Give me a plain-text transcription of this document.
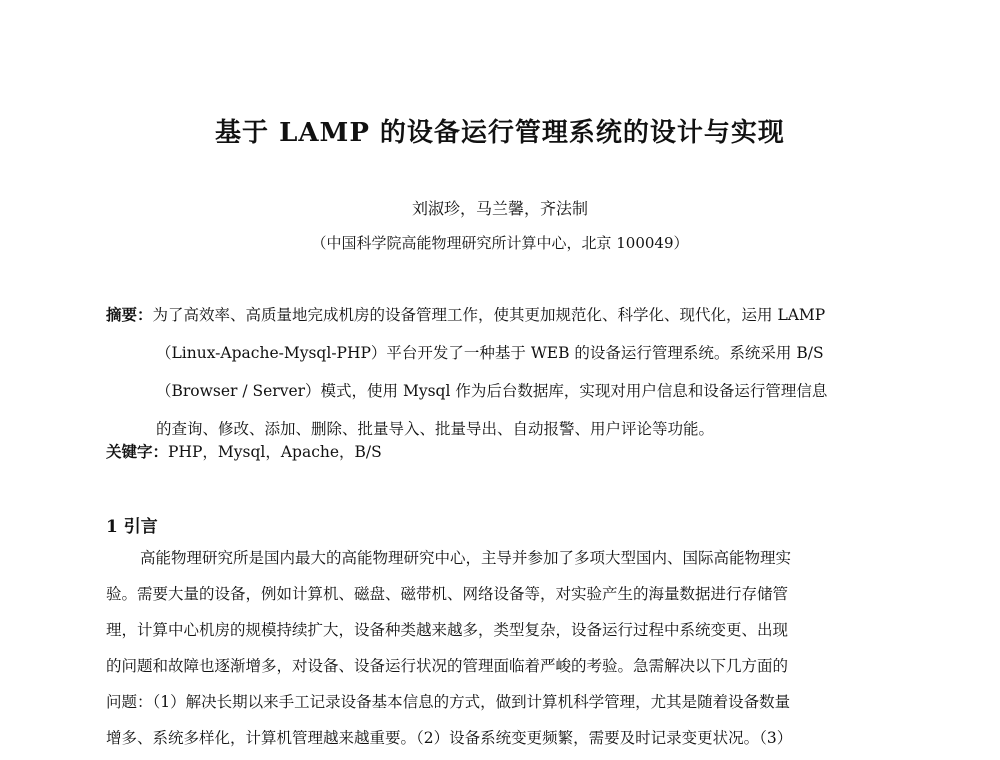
基于 LAMP 的设备运行管理系统的设计与实现
刘淑珍，马兰馨，齐法制
（中国科学院高能物理研究所计算中心，北京 100049）
摘要：为了高效率、高质量地完成机房的设备管理工作，使其更加规范化、科学化、现代化，运用 LAMP
（Linux-Apache-Mysql-PHP）平台开发了一种基于 WEB 的设备运行管理系统。系统采用 B/S
（Browser / Server）模式，使用 Mysql 作为后台数据库，实现对用户信息和设备运行管理信息
的查询、修改、添加、删除、批量导入、批量导出、自动报警、用户评论等功能。
关键字：PHP，Mysql，Apache，B/S
1 引言
高能物理研究所是国内最大的高能物理研究中心，主导并参加了多项大型国内、国际高能物理实
验。需要大量的设备，例如计算机、磁盘、磁带机、网络设备等，对实验产生的海量数据进行存储管
理，计算中心机房的规模持续扩大，设备种类越来越多，类型复杂，设备运行过程中系统变更、出现
的问题和故障也逐渐增多，对设备、设备运行状况的管理面临着严峻的考验。急需解决以下几方面的
问题：（1）解决长期以来手工记录设备基本信息的方式，做到计算机科学管理，尤其是随着设备数量
增多、系统多样化，计算机管理越来越重要。（2）设备系统变更频繁，需要及时记录变更状况。（3）
